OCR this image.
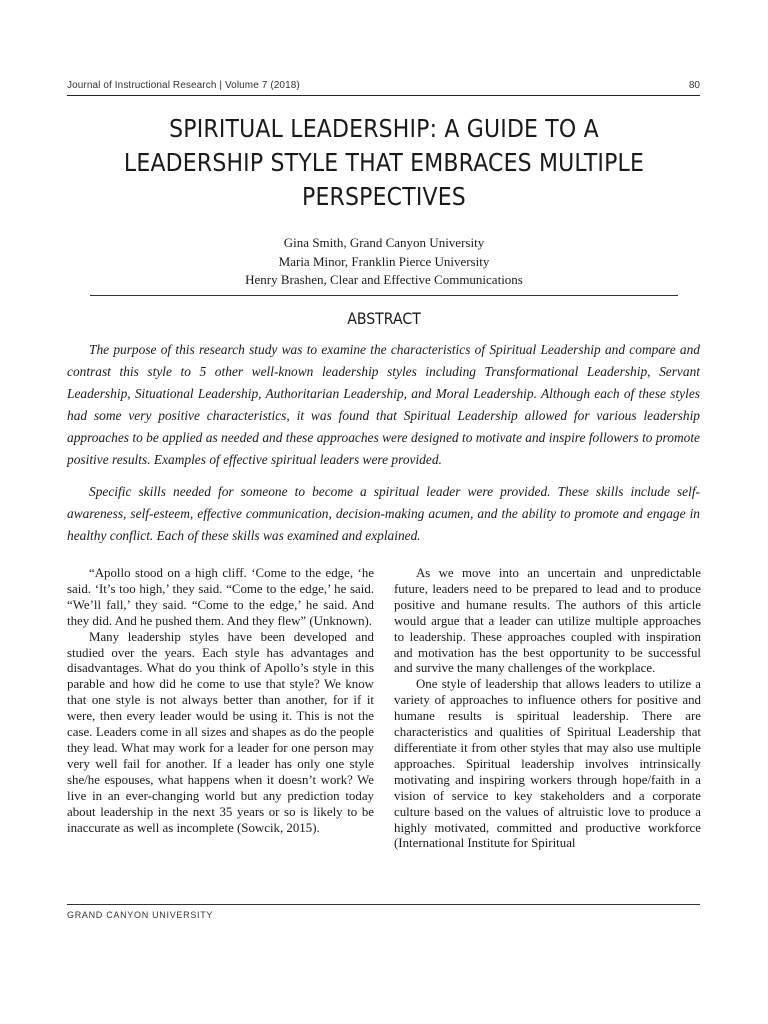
Journal of Instructional Research | Volume 7 (2018)	80
SPIRITUAL LEADERSHIP: A GUIDE TO A
LEADERSHIP STYLE THAT EMBRACES MULTIPLE
PERSPECTIVES
Gina Smith, Grand Canyon University
Maria Minor, Franklin Pierce University
Henry Brashen, Clear and Effective Communications
ABSTRACT

The purpose of this research study was to examine the characteristics of Spiritual Leadership and compare and contrast this style to 5 other well-known leadership styles including Transformational Leadership, Servant Leadership, Situational Leadership, Authoritarian Leadership, and Moral Leadership. Although each of these styles had some very positive characteristics, it was found that Spiritual Leadership allowed for various leadership approaches to be applied as needed and these approaches were designed to motivate and inspire followers to promote positive results. Examples of effective spiritual leaders were provided.

Specific skills needed for someone to become a spiritual leader were provided. These skills include self-awareness, self-esteem, effective communication, decision-making acumen, and the ability to promote and engage in healthy conflict. Each of these skills was examined and explained.

“Apollo stood on a high cliff. ‘Come to the edge, ‘he said. ‘It’s too high,’ they said. “Come to the edge,’ he said. “We’ll fall,’ they said. “Come to the edge,’ he said. And they did. And he pushed them. And they flew” (Unknown).

Many leadership styles have been developed and studied over the years. Each style has advantages and disadvantages. What do you think of Apollo’s style in this parable and how did he come to use that style? We know that one style is not always better than another, for if it were, then every leader would be using it. This is not the case. Leaders come in all sizes and shapes as do the people they lead. What may work for a leader for one person may very well fail for another. If a leader has only one style she/he espouses, what happens when it doesn’t work? We live in an ever-changing world but any prediction today about leadership in the next 35 years or so is likely to be inaccurate as well as incomplete (Sowcik, 2015).

As we move into an uncertain and unpredictable future, leaders need to be prepared to lead and to produce positive and humane results. The authors of this article would argue that a leader can utilize multiple approaches to leadership. These approaches coupled with inspiration and motivation has the best opportunity to be successful and survive the many challenges of the workplace.

One style of leadership that allows leaders to utilize a variety of approaches to influence others for positive and humane results is spiritual leadership. There are characteristics and qualities of Spiritual Leadership that differentiate it from other styles that may also use multiple approaches. Spiritual leadership involves intrinsically motivating and inspiring workers through hope/faith in a vision of service to key stakeholders and a corporate culture based on the values of altruistic love to produce a highly motivated, committed and productive workforce (International Institute for Spiritual

GRAND CANYON UNIVERSITY
